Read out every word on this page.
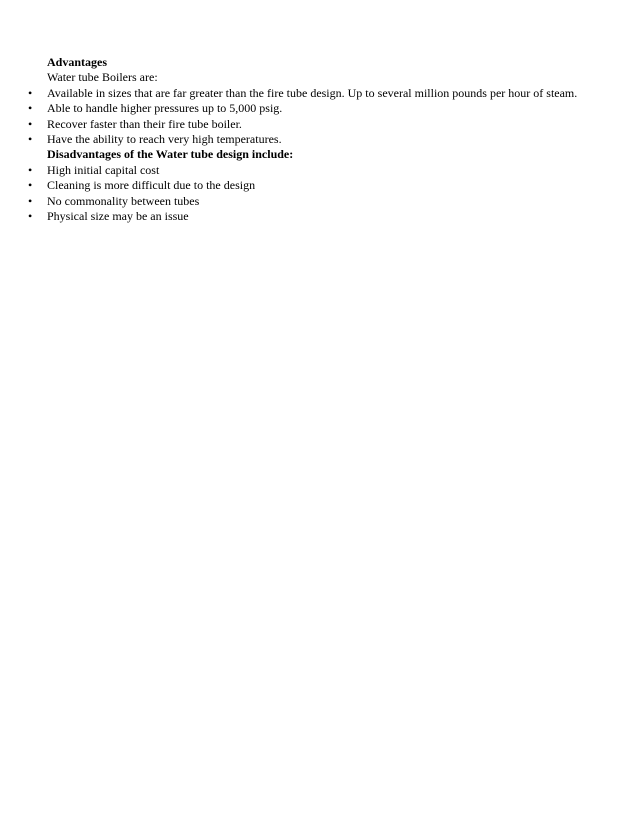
Advantages
Water tube Boilers are:
•	Available in sizes that are far greater than the fire tube design. Up to several million pounds per hour of steam.
•	Able to handle higher pressures up to 5,000 psig.
•	Recover faster than their fire tube boiler.
•	Have the ability to reach very high temperatures.
Disadvantages of the Water tube design include:
•	High initial capital cost
•	Cleaning is more difficult due to the design
•	No commonality between tubes
•	Physical size may be an issue
